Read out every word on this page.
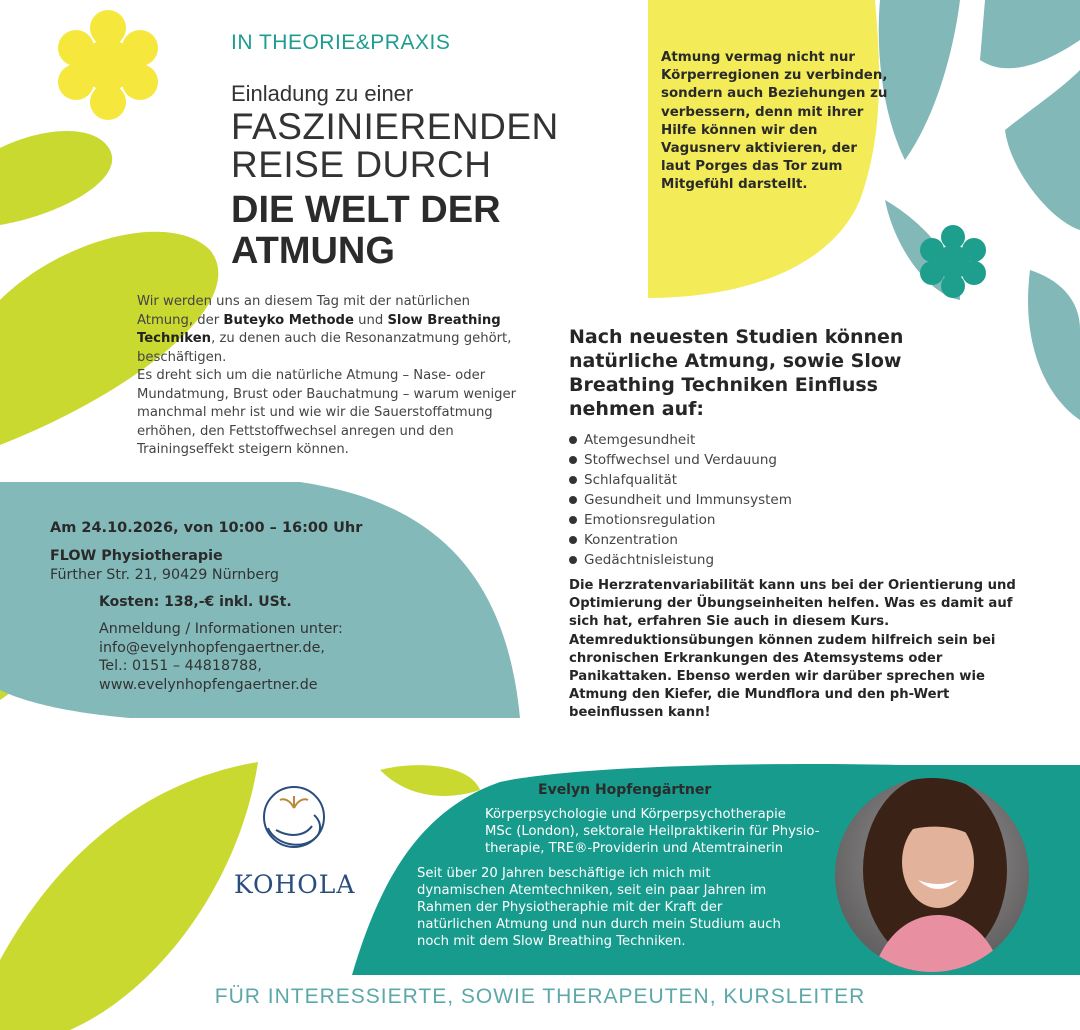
IN THEORIE&PRAXIS
Einladung zu einer
FASZINIERENDEN
REISE DURCH
DIE WELT DER
ATMUNG
Wir werden uns an diesem Tag mit der natürlichen Atmung, der Buteyko Methode und Slow Breathing Techniken, zu denen auch die Resonanzatmung gehört, beschäftigen.
Es dreht sich um die natürliche Atmung – Nase- oder Mundatmung, Brust oder Bauchatmung – warum weniger manchmal mehr ist und wie wir die Sauerstoffatmung erhöhen, den Fettstoffwechsel anregen und den Trainingseffekt steigern können.
Atmung vermag nicht nur Körperregionen zu verbinden, sondern auch Beziehungen zu verbessern, denn mit ihrer Hilfe können wir den Vagusnerv aktivieren, der laut Porges das Tor zum Mitgefühl darstellt.
Nach neuesten Studien können natürliche Atmung, sowie Slow Breathing Techniken Einfluss nehmen auf:
Atemgesundheit
Stoffwechsel und Verdauung
Schlafqualität
Gesundheit und Immunsystem
Emotionsregulation
Konzentration
Gedächtnisleistung
Die Herzratenvariabilität kann uns bei der Orientierung und Optimierung der Übungseinheiten helfen. Was es damit auf sich hat, erfahren Sie auch in diesem Kurs. Atemreduktionsübungen können zudem hilfreich sein bei chronischen Erkrankungen des Atemsystems oder Panikattaken. Ebenso werden wir darüber sprechen wie Atmung den Kiefer, die Mundflora und den ph-Wert beeinflussen kann!
Am 24.10.2026, von 10:00 – 16:00 Uhr
FLOW Physiotherapie
Fürther Str. 21, 90429 Nürnberg
Kosten: 138,-€ inkl. USt.
Anmeldung / Informationen unter:
info@evelynhopfengaertner.de,
Tel.: 0151 – 44818788,
www.evelynhopfengaertner.de
KOHOLA
Evelyn Hopfengärtner
Körperpsychologie und Körperpsychotherapie
MSc (London), sektorale Heilpraktikerin für Physio-
therapie, TRE®-Providerin und Atemtrainerin
Seit über 20 Jahren beschäftige ich mich mit dynamischen Atemtechniken, seit ein paar Jahren im Rahmen der Physiotheraphie mit der Kraft der natürlichen Atmung und nun durch mein Studium auch noch mit dem Slow Breathing Techniken.
FÜR INTERESSIERTE, SOWIE THERAPEUTEN, KURSLEITER
